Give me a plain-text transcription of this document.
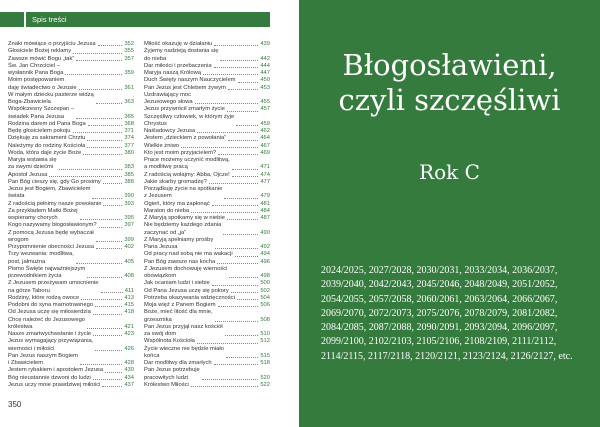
Spis treści
Znaki mówiące o przyjściu Jezusa	352
Głosiciele Bożej reklamy	355
Zawsze mówić Bogu „tak”	357
Św. Jan Chrzciciel –
wysłannik Pana Boga	359
Moim postępowaniem
daję świadectwo o Jezusie	361
W małym dziecku pasterze widzą
Boga-Zbawiciela	363
Współczesny Szczepan –
świadek Pana Jezusa	365
Rodzina darem od Pana Boga	368
Będę głosicielem pokoju	371
Dziękuję za sakrament Chrztu	374
Należymy do rodziny Kościoła	377
Woda, która daje życie Boże	380
Maryja wstawia się
za swymi dziećmi	383
Apostoł Jezusa	385
Pan Bóg cieszy się, gdy Go prosimy	388
Jezus jest Bogiem, Zbawicielem
świata	390
Z radością pełnimy nasze powołanie	393
Za przykładem Matki Bożej
wspieramy chorych	395
Kogo nazywamy błogosławionym?	397
Z pomocą Jezusa będę wybaczał
wrogom	399
Przypomnienie obecności Jezusa	402
Trzy wezwania: modlitwa,
post, jałmużna	405
Pismo Święte najważniejszym
przewodnikiem życia	408
Z Jezusem przeżywam umocnienie
na górze Taboru	411
Rodziny, które rodzą owoce	413
Podobni do syna marnotrawnego	415
Od Jezusa uczę się miłosierdzia	418
Chcę należeć do Jezusowego
królestwa	421
Nasze zmartwychwstanie i życie	423
Jezus wymagający przywiązania,
wierności i miłości	426
Pan Jezus naszym Bogiem
i Zbawicielem	428
Jestem rybakiem i apostołem Jezusa	430
Bóg nieustannie dzwoni do ludzi	434
Jezus uczy mnie prawdziwej miłości	437
Miłość okazuję w działaniu	439
Żyjemy nadzieją dostania się
do nieba	442
Dar miłości i przebaczenia	444
Maryja naszą Królową	447
Duch Święty naszym Nauczycielem	450
Pan Jezus jest Chlebem żywym	453
Uzdrawiający moc
Jezusowego słowa	455
Jezus przywrócił zmarłym życie	457
Szczęśliwy człowiek, w którym żyje
Chrystus	459
Naśladowcy Jezusa	462
Jestem „dzieckiem z powołania”	464
Wielkie żniwo	467
Kto jest moim przyjacielem?	469
Prace możemy uczynić modlitwą,
a modlitwę pracą	471
Z radością wołajmy: Abba, Ojcze!	474
Jakie skarby gromadzę?	477
Porządkuję życie na spotkanie
z Jezusem	479
Ogień, który ma zapłonąć	481
Maraton do nieba	484
Z Maryją spotkamy się w niebie	487
Nie będziemy każdego zdania
zaczynać od „ja”	490
Z Maryją spełniamy prośby
Pana Jezusa	492
Od pracy nad sobą nie ma wakacji	494
Pan Bóg zawsze nas kocha	496
Z Jezusem dochowuję wierności
obowiązkom	498
Jak ocaniam ludzi i siebie	500
Od Pana Jezusa uczę się pokory	502
Potrzeba okazywania wdzięczności	504
Moja więź z Panem Bogiem	506
Boże, mieć litość dla mnie,
grzesznika	508
Pan Jezus przyjął nasz kościół
za swój dom	510
Wspólnota Kościoła	512
Życie wieczne nie będzie miało
końca	515
Dar modlitwy dla zmarłych	518
Pan Jezus potrzebuje
pracowitych ludzi	520
Królestwo Miłości	522
350
Błogosławieni,
czyli szczęśliwi
Rok C
2024/2025, 2027/2028, 2030/2031, 2033/2034, 2036/2037, 2039/2040, 2042/2043, 2045/2046, 2048/2049, 2051/2052, 2054/2055, 2057/2058, 2060/2061, 2063/2064, 2066/2067, 2069/2070, 2072/2073, 2075/2076, 2078/2079, 2081/2082, 2084/2085, 2087/2088, 2090/2091, 2093/2094, 2096/2097, 2099/2100, 2102/2103, 2105/2106, 2108/2109, 2111/2112, 2114/2115, 2117/2118, 2120/2121, 2123/2124, 2126/2127, etc.
